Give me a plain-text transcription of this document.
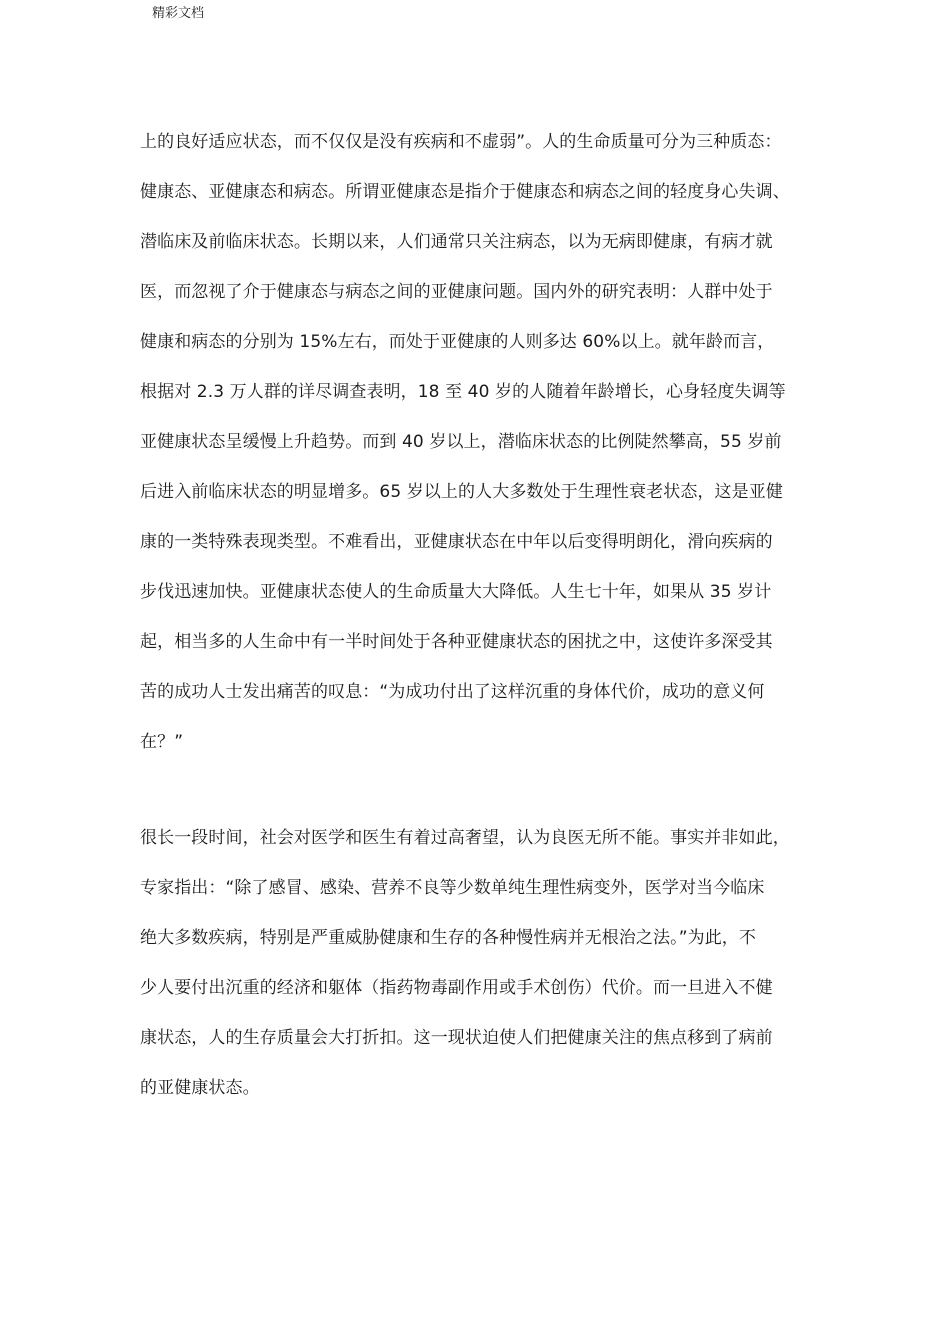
精彩文档
上的良好适应状态，而不仅仅是没有疾病和不虚弱”。人的生命质量可分为三种质态：
健康态、亚健康态和病态。所谓亚健康态是指介于健康态和病态之间的轻度身心失调、
潜临床及前临床状态。长期以来，人们通常只关注病态，以为无病即健康，有病才就
医，而忽视了介于健康态与病态之间的亚健康问题。国内外的研究表明：人群中处于
健康和病态的分别为 15%左右，而处于亚健康的人则多达 60%以上。就年龄而言，
根据对 2.3 万人群的详尽调查表明，18 至 40 岁的人随着年龄增长，心身轻度失调等
亚健康状态呈缓慢上升趋势。而到 40 岁以上，潜临床状态的比例陡然攀高，55 岁前
后进入前临床状态的明显增多。65 岁以上的人大多数处于生理性衰老状态，这是亚健
康的一类特殊表现类型。不难看出，亚健康状态在中年以后变得明朗化，滑向疾病的
步伐迅速加快。亚健康状态使人的生命质量大大降低。人生七十年，如果从 35 岁计
起，相当多的人生命中有一半时间处于各种亚健康状态的困扰之中，这使许多深受其
苦的成功人士发出痛苦的叹息：“为成功付出了这样沉重的身体代价，成功的意义何
在？”
很长一段时间，社会对医学和医生有着过高奢望，认为良医无所不能。事实并非如此，
专家指出：“除了感冒、感染、营养不良等少数单纯生理性病变外，医学对当今临床
绝大多数疾病，特别是严重威胁健康和生存的各种慢性病并无根治之法。”为此，不
少人要付出沉重的经济和躯体（指药物毒副作用或手术创伤）代价。而一旦进入不健
康状态，人的生存质量会大打折扣。这一现状迫使人们把健康关注的焦点移到了病前
的亚健康状态。
